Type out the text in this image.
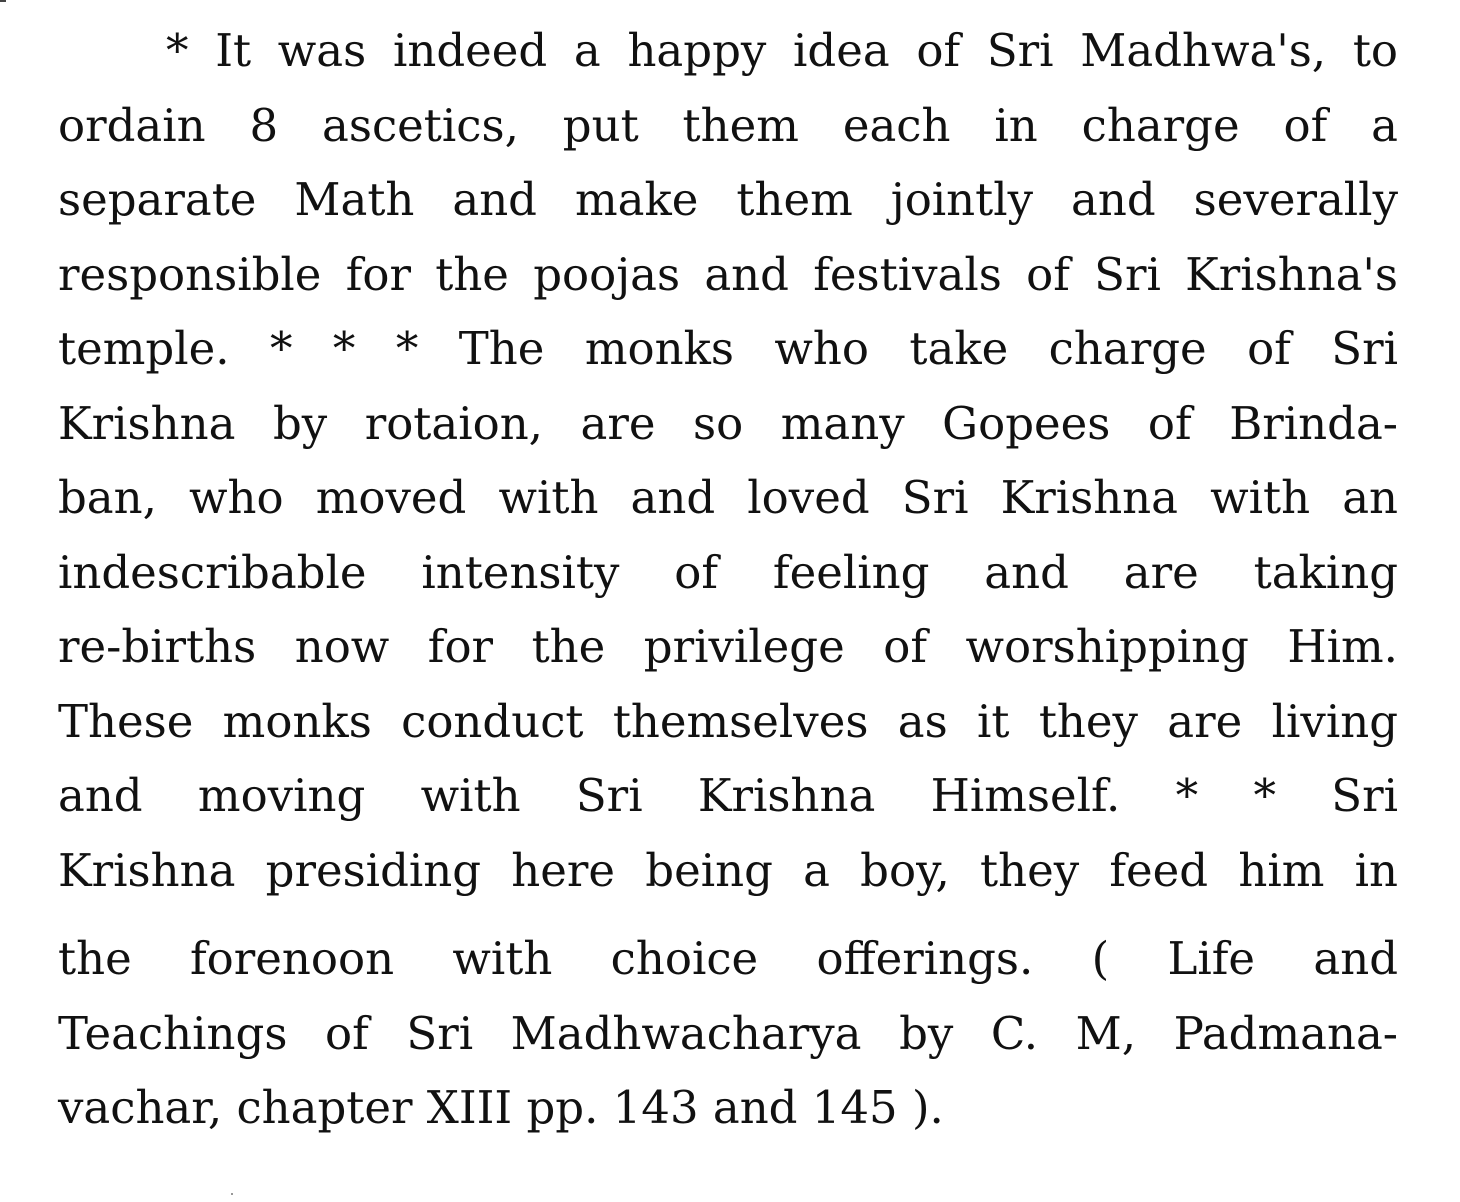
* It was indeed a happy idea of Sri Madhwa's, to
ordain 8 ascetics, put them each in charge of a
separate Math and make them jointly and severally
responsible for the poojas and festivals of Sri Krishna's
temple. * * * The monks who take charge of Sri
Krishna by rotaion, are so many Gopees of Brinda-
ban, who moved with and loved Sri Krishna with an
indescribable intensity of feeling and are taking
re-births now for the privilege of worshipping Him.
These monks conduct themselves as it they are living
and moving with Sri Krishna Himself. * * Sri
Krishna presiding here being a boy, they feed him in
the forenoon with choice offerings. ( Life and
Teachings of Sri Madhwacharya by C. M, Padmana-
vachar, chapter XIII pp. 143 and 145 ).
